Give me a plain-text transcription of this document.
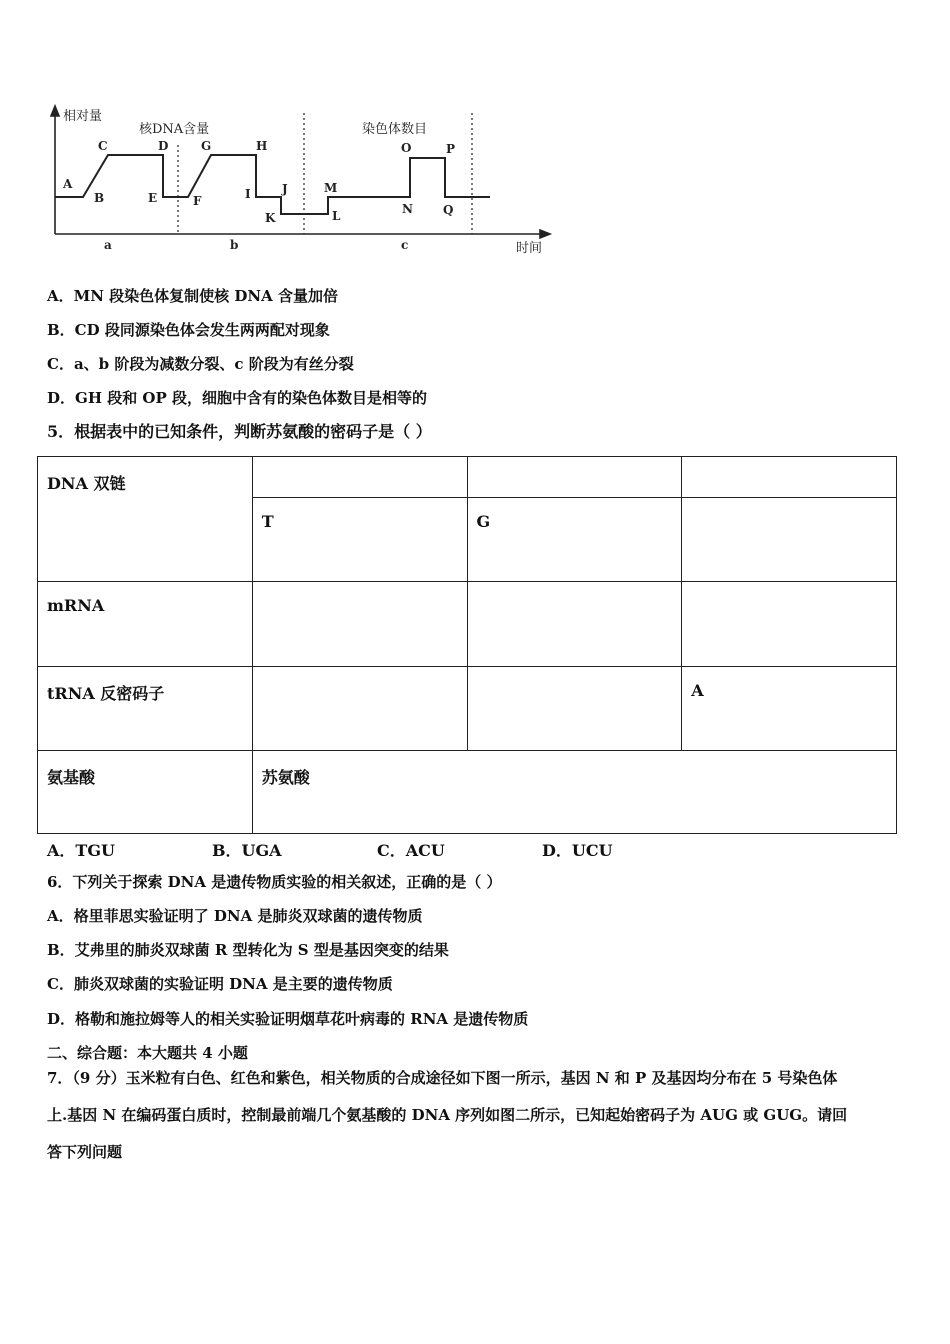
相对量
核DNA含量	染色体数目
时间
A
B
C	D
E	F
G	H
I	J
K	L
M
N
O	P
Q
a	b	c
A．MN 段染色体复制使核 DNA 含量加倍
B．CD 段同源染色体会发生两两配对现象
C．a、b 阶段为减数分裂、c 阶段为有丝分裂
D．GH 段和 OP 段，细胞中含有的染色体数目是相等的
5．根据表中的已知条件，判断苏氨酸的密码子是（ ）
DNA 双链			
	T	G	
mRNA			
tRNA 反密码子			A
氨基酸	苏氨酸		
A．TGU	B．UGA	C．ACU	D．UCU
6．下列关于探索 DNA 是遗传物质实验的相关叙述，正确的是（ ）
A．格里菲思实验证明了 DNA 是肺炎双球菌的遗传物质
B．艾弗里的肺炎双球菌 R 型转化为 S 型是基因突变的结果
C．肺炎双球菌的实验证明 DNA 是主要的遗传物质
D．格勒和施拉姆等人的相关实验证明烟草花叶病毒的 RNA 是遗传物质
二、综合题：本大题共 4 小题
7．（9 分）玉米粒有白色、红色和紫色，相关物质的合成途径如下图一所示，基因 N 和 P 及基因均分布在 5 号染色体
上.基因 N 在编码蛋白质时，控制最前端几个氨基酸的 DNA 序列如图二所示，已知起始密码子为 AUG 或 GUG。请回
答下列问题
